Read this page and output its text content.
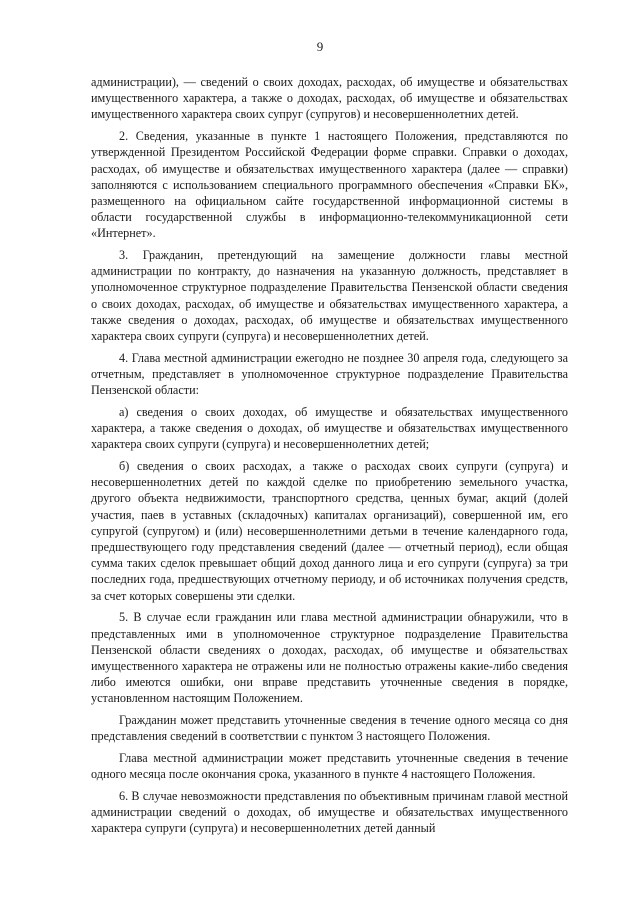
9

администрации), — сведений о своих доходах, расходах, об имуществе и обязательствах имущественного характера, а также о доходах, расходах, об имуществе и обязательствах имущественного характера своих супруг (супругов) и несовершеннолетних детей.

2. Сведения, указанные в пункте 1 настоящего Положения, представляются по утвержденной Президентом Российской Федерации форме справки. Справки о доходах, расходах, об имуществе и обязательствах имущественного характера (далее — справки) заполняются с использованием специального программного обеспечения «Справки БК», размещенного на официальном сайте государственной информационной системы в области государственной службы в информационно-телекоммуникационной сети «Интернет».

3. Гражданин, претендующий на замещение должности главы местной администрации по контракту, до назначения на указанную должность, представляет в уполномоченное структурное подразделение Правительства Пензенской области сведения о своих доходах, расходах, об имуществе и обязательствах имущественного характера, а также сведения о доходах, расходах, об имуществе и обязательствах имущественного характера своих супруги (супруга) и несовершеннолетних детей.

4. Глава местной администрации ежегодно не позднее 30 апреля года, следующего за отчетным, представляет в уполномоченное структурное подразделение Правительства Пензенской области:

а) сведения о своих доходах, об имуществе и обязательствах имущественного характера, а также сведения о доходах, об имуществе и обязательствах имущественного характера своих супруги (супруга) и несовершеннолетних детей;

б) сведения о своих расходах, а также о расходах своих супруги (супруга) и несовершеннолетних детей по каждой сделке по приобретению земельного участка, другого объекта недвижимости, транспортного средства, ценных бумаг, акций (долей участия, паев в уставных (складочных) капиталах организаций), совершенной им, его супругой (супругом) и (или) несовершеннолетними детьми в течение календарного года, предшествующего году представления сведений (далее — отчетный период), если общая сумма таких сделок превышает общий доход данного лица и его супруги (супруга) за три последних года, предшествующих отчетному периоду, и об источниках получения средств, за счет которых совершены эти сделки.

5. В случае если гражданин или глава местной администрации обнаружили, что в представленных ими в уполномоченное структурное подразделение Правительства Пензенской области сведениях о доходах, расходах, об имуществе и обязательствах имущественного характера не отражены или не полностью отражены какие-либо сведения либо имеются ошибки, они вправе представить уточненные сведения в порядке, установленном настоящим Положением.

Гражданин может представить уточненные сведения в течение одного месяца со дня представления сведений в соответствии с пунктом 3 настоящего Положения.

Глава местной администрации может представить уточненные сведения в течение одного месяца после окончания срока, указанного в пункте 4 настоящего Положения.

6. В случае невозможности представления по объективным причинам главой местной администрации сведений о доходах, об имуществе и обязательствах имущественного характера супруги (супруга) и несовершеннолетних детей данный
